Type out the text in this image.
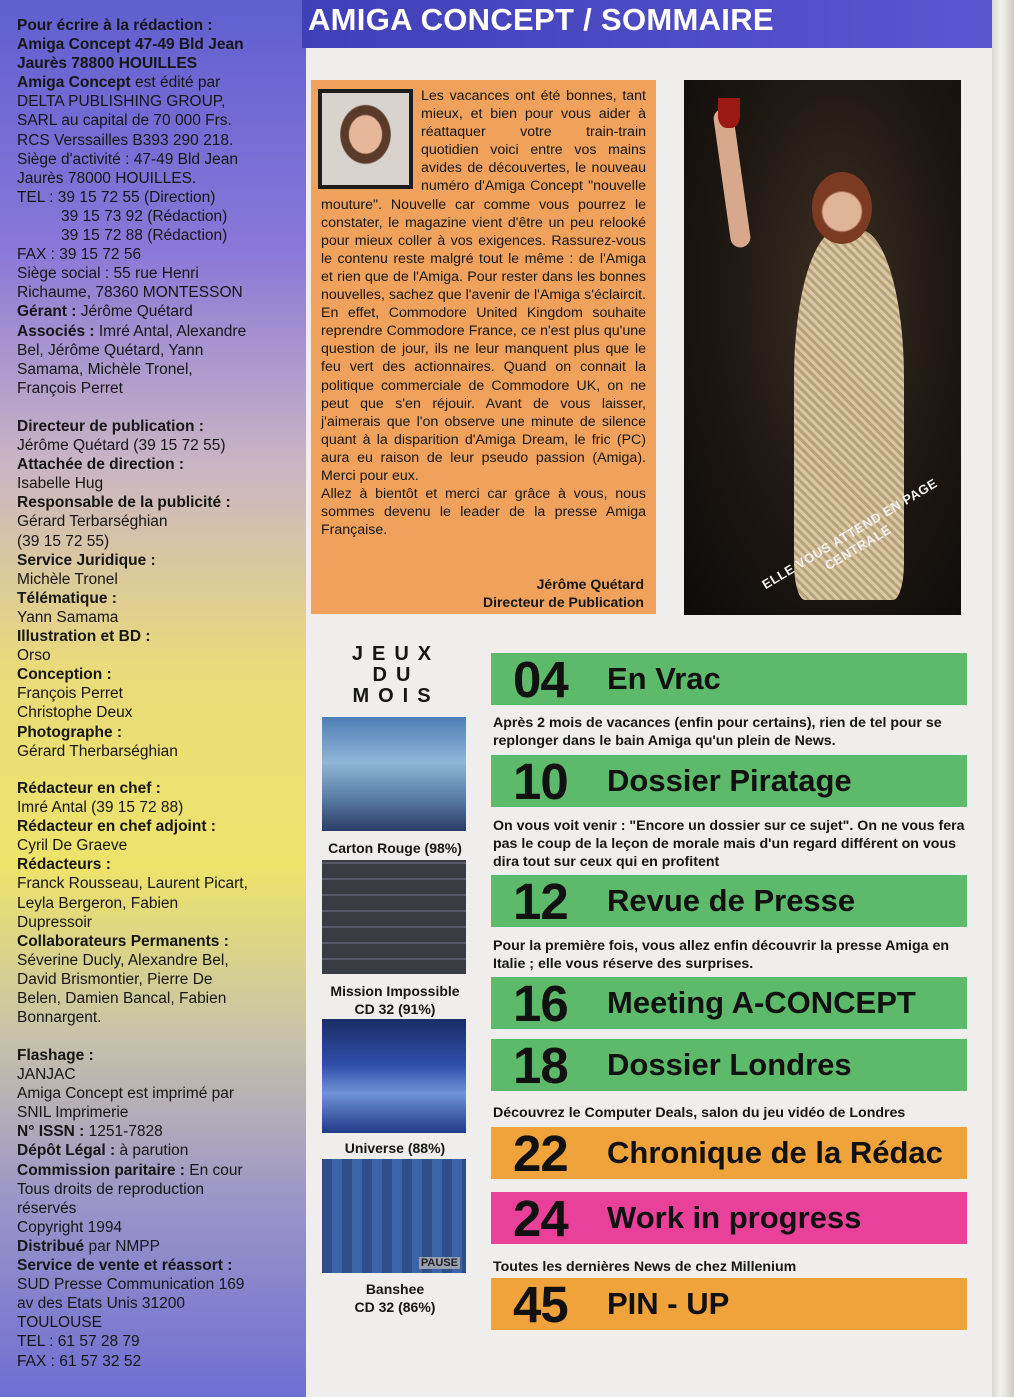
Pour écrire à la rédaction :
Amiga Concept 47-49 Bld Jean
Jaurès 78800 HOUILLES
Amiga Concept est édité par
DELTA PUBLISHING GROUP,
SARL au capital de 70 000 Frs.
RCS Verssailles B393 290 218.
Siège d'activité : 47-49 Bld Jean
Jaurès 78000 HOUILLES.
TEL : 39 15 72 55 (Direction)
39 15 73 92 (Rédaction)
39 15 72 88 (Rédaction)
FAX : 39 15 72 56
Siège social : 55 rue Henri
Richaume, 78360 MONTESSON
Gérant : Jérôme Quétard
Associés : Imré Antal, Alexandre
Bel, Jérôme Quétard, Yann
Samama, Michèle Tronel,
François Perret
Directeur de publication :
Jérôme Quétard (39 15 72 55)
Attachée de direction :
Isabelle Hug
Responsable de la publicité :
Gérard Terbarséghian
(39 15 72 55)
Service Juridique :
Michèle Tronel
Télématique :
Yann Samama
Illustration et BD :
Orso
Conception :
François Perret
Christophe Deux
Photographe :
Gérard Therbarséghian
Rédacteur en chef :
Imré Antal (39 15 72 88)
Rédacteur en chef adjoint :
Cyril De Graeve
Rédacteurs :
Franck Rousseau, Laurent Picart,
Leyla Bergeron, Fabien
Dupressoir
Collaborateurs Permanents :
Séverine Ducly, Alexandre Bel,
David Brismontier, Pierre De
Belen, Damien Bancal, Fabien
Bonnargent.
Flashage :
JANJAC
Amiga Concept est imprimé par
SNIL Imprimerie
N° ISSN : 1251-7828
Dépôt Légal : à parution
Commission paritaire : En cour
Tous droits de reproduction
réservés
Copyright 1994
Distribué par NMPP
Service de vente et réassort :
SUD Presse Communication 169
av des Etats Unis 31200
TOULOUSE
TEL : 61 57 28 79
FAX : 61 57 32 52
AMIGA CONCEPT / SOMMAIRE

Les vacances ont été bonnes, tant mieux, et bien pour vous aider à réattaquer votre train-train quotidien voici entre vos mains avides de découvertes, le nouveau numéro d'Amiga Concept "nouvelle mouture". Nouvelle car comme vous pourrez le constater, le magazine vient d'être un peu relooké pour mieux coller à vos exigences. Rassurez-vous le contenu reste malgré tout le même : de l'Amiga et rien que de l'Amiga. Pour rester dans les bonnes nouvelles, sachez que l'avenir de l'Amiga s'éclaircit. En effet, Commodore United Kingdom souhaite reprendre Commodore France, ce n'est plus qu'une question de jour, ils ne leur manquent plus que le feu vert des actionnaires. Quand on connait la politique commerciale de Commodore UK, on ne peut que s'en réjouir. Avant de vous laisser, j'aimerais que l'on observe une minute de silence quant à la disparition d'Amiga Dream, le fric (PC) aura eu raison de leur pseudo passion (Amiga). Merci pour eux.

Allez à bientôt et merci car grâce à vous, nous sommes devenu le leader de la presse Amiga Française.

Jérôme Quétard
Directeur de Publication
ELLE VOUS ATTEND EN PAGE CENTRALE
JEUX
DU
MOIS
Carton Rouge (98%)
Mission Impossible
CD 32 (91%)
Universe (88%)
PAUSE
Banshee
CD 32 (86%)
04 En Vrac
Après 2 mois de vacances (enfin pour certains), rien de tel pour se replonger dans le bain Amiga qu'un plein de News.
10 Dossier Piratage
On vous voit venir : "Encore un dossier sur ce sujet". On ne vous fera pas le coup de la leçon de morale mais d'un regard différent on vous dira tout sur ceux qui en profitent
12 Revue de Presse
Pour la première fois, vous allez enfin découvrir la presse Amiga en Italie ; elle vous réserve des surprises.
16 Meeting A-CONCEPT
18 Dossier Londres
Découvrez le Computer Deals, salon du jeu vidéo de Londres
22 Chronique de la Rédac
24 Work in progress
Toutes les dernières News de chez Millenium
45 PIN - UP
